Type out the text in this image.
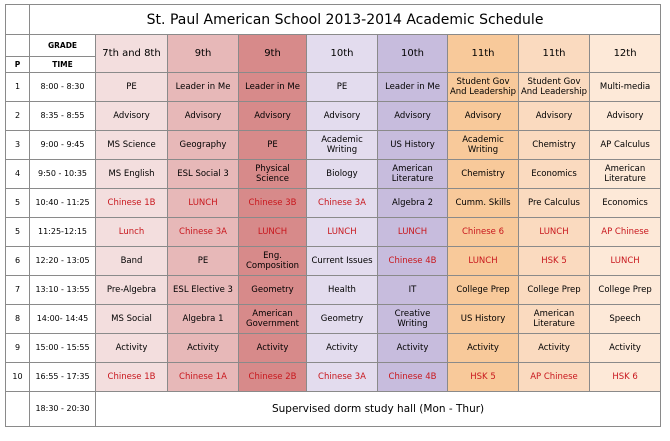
	St. Paul American School 2013-2014 Academic Schedule								
	GRADE	7th and 8th	9th	9th	10th	10th	11th	11th	12th
P	TIME								
1	8:00 - 8:30	PE	Leader in Me	Leader in Me	PE	Leader in Me	Student Gov And Leadership	Student Gov And Leadership	Multi-media
2	8:35 - 8:55	Advisory	Advisory	Advisory	Advisory	Advisory	Advisory	Advisory	Advisory
3	9:00 - 9:45	MS Science	Geography	PE	Academic Writing	US History	Academic Writing	Chemistry	AP Calculus
4	9:50 - 10:35	MS English	ESL Social 3	Physical Science	Biology	American Literature	Chemistry	Economics	American Literature
5	10:40 - 11:25	Chinese 1B	LUNCH	Chinese 3B	Chinese 3A	Algebra 2	Cumm. Skills	Pre Calculus	Economics
5	11:25-12:15	Lunch	Chinese 3A	LUNCH	LUNCH	LUNCH	Chinese 6	LUNCH	AP Chinese
6	12:20 - 13:05	Band	PE	Eng. Composition	Current Issues	Chinese 4B	LUNCH	HSK 5	LUNCH
7	13:10 - 13:55	Pre-Algebra	ESL Elective 3	Geometry	Health	IT	College Prep	College Prep	College Prep
8	14:00- 14:45	MS Social	Algebra 1	American Government	Geometry	Creative Writing	US History	American Literature	Speech
9	15:00 - 15:55	Activity	Activity	Activity	Activity	Activity	Activity	Activity	Activity
10	16:55 - 17:35	Chinese 1B	Chinese 1A	Chinese 2B	Chinese 3A	Chinese 4B	HSK 5	AP Chinese	HSK 6
	18:30 - 20:30	Supervised dorm study hall (Mon - Thur)							
